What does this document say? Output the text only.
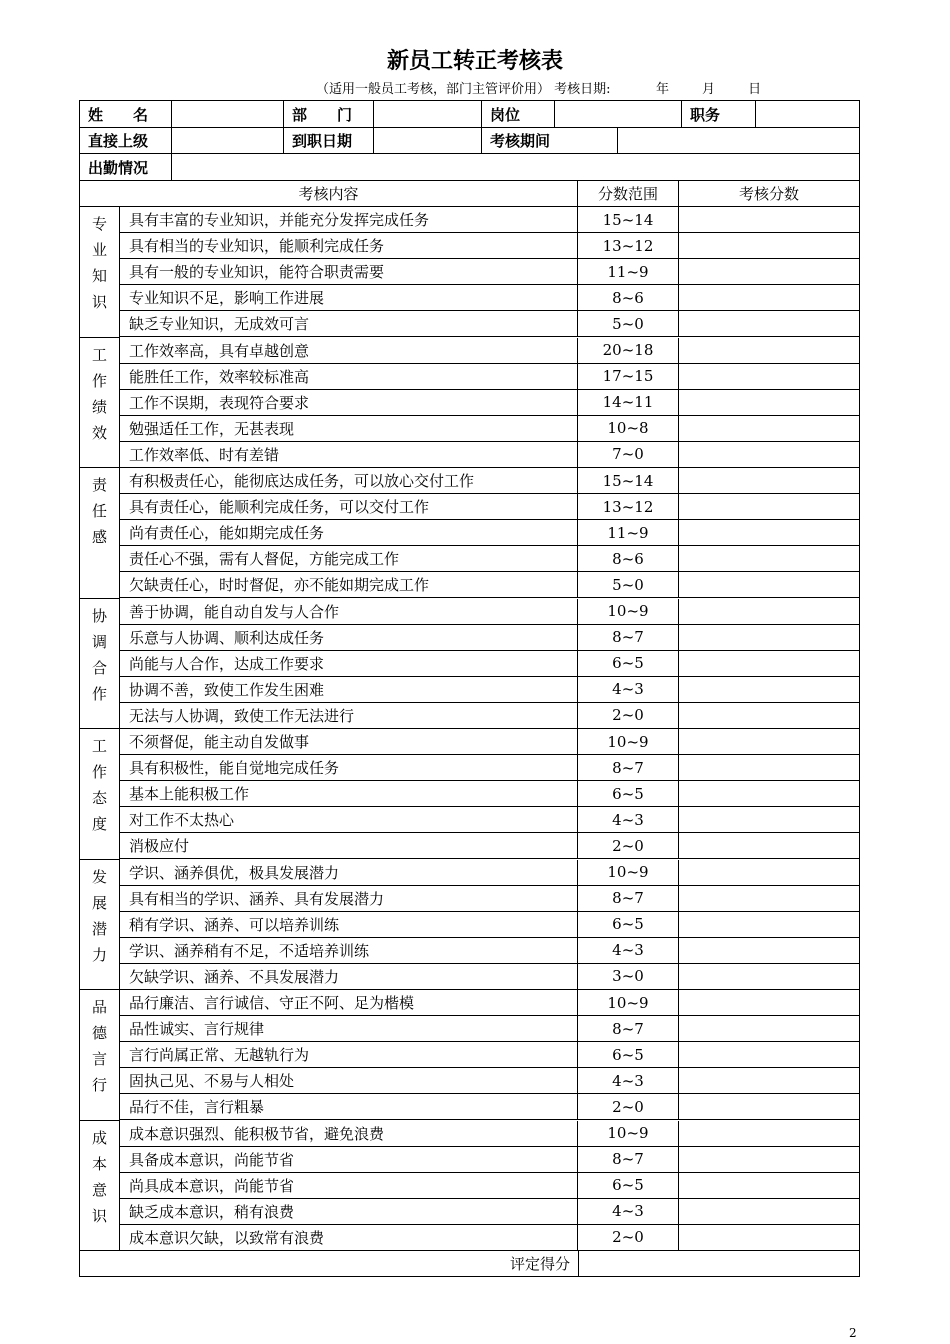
新员工转正考核表
（适用一般员工考核，部门主管评价用） 考核日期:           年        月        日
姓　　名	部　　门	岗位	职务
直接上级	到职日期	考核期间
出勤情况
考核内容	分数范围	考核分数
专
业
知
识
具有丰富的专业知识，并能充分发挥完成任务	15~14
具有相当的专业知识，能顺利完成任务	13~12
具有一般的专业知识，能符合职责需要	11~9
专业知识不足，影响工作进展	8~6
缺乏专业知识，无成效可言	5~0
工
作
绩
效
工作效率高，具有卓越创意	20~18
能胜任工作，效率较标准高	17~15
工作不误期，表现符合要求	14~11
勉强适任工作，无甚表现	10~8
工作效率低、时有差错	7~0
责
任
感
有积极责任心，能彻底达成任务，可以放心交付工作	15~14
具有责任心，能顺利完成任务，可以交付工作	13~12
尚有责任心，能如期完成任务	11~9
责任心不强，需有人督促，方能完成工作	8~6
欠缺责任心，时时督促，亦不能如期完成工作	5~0
协
调
合
作
善于协调，能自动自发与人合作	10~9
乐意与人协调、顺利达成任务	8~7
尚能与人合作，达成工作要求	6~5
协调不善，致使工作发生困难	4~3
无法与人协调，致使工作无法进行	2~0
工
作
态
度
不须督促，能主动自发做事	10~9
具有积极性，能自觉地完成任务	8~7
基本上能积极工作	6~5
对工作不太热心	4~3
消极应付	2~0
发
展
潜
力
学识、涵养俱优，极具发展潜力	10~9
具有相当的学识、涵养、具有发展潜力	8~7
稍有学识、涵养、可以培养训练	6~5
学识、涵养稍有不足，不适培养训练	4~3
欠缺学识、涵养、不具发展潜力	3~0
品
德
言
行
品行廉洁、言行诚信、守正不阿、足为楷模	10~9
品性诚实、言行规律	8~7
言行尚属正常、无越轨行为	6~5
固执己见、不易与人相处	4~3
品行不佳，言行粗暴	2~0
成
本
意
识
成本意识强烈、能积极节省，避免浪费	10~9
具备成本意识，尚能节省	8~7
尚具成本意识，尚能节省	6~5
缺乏成本意识，稍有浪费	4~3
成本意识欠缺，以致常有浪费	2~0
评定得分
2
